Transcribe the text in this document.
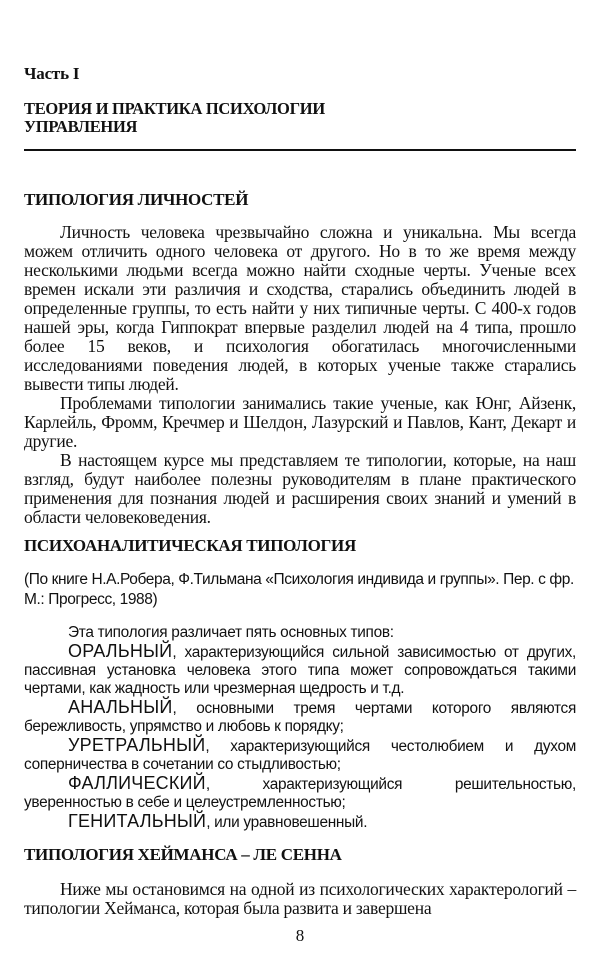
Часть I
ТЕОРИЯ И ПРАКТИКА ПСИХОЛОГИИ
УПРАВЛЕНИЯ
ТИПОЛОГИЯ ЛИЧНОСТЕЙ

Личность человека чрезвычайно сложна и уникальна. Мы всегда можем отличить одного человека от другого. Но в то же время между несколькими людьми всегда можно найти сходные черты. Ученые всех времен искали эти различия и сходства, старались объединить людей в определенные группы, то есть найти у них типичные черты. С 400-х годов нашей эры, когда Гиппократ впервые разделил людей на 4 типа, прошло более 15 веков, и психология обогатилась многочисленными исследованиями поведения людей, в которых ученые также старались вывести типы людей.

Проблемами типологии занимались такие ученые, как Юнг, Айзенк, Карлейль, Фромм, Кречмер и Шелдон, Лазурский и Павлов, Кант, Декарт и другие.

В настоящем курсе мы представляем те типологии, которые, на наш взгляд, будут наиболее полезны руководителям в плане практического применения для познания людей и расширения своих знаний и умений в области человековедения.

ПСИХОАНАЛИТИЧЕСКАЯ ТИПОЛОГИЯ
(По книге Н.А.Робера, Ф.Тильмана «Психология индивида и группы». Пер. с фр. М.: Прогресс, 1988)

Эта типология различает пять основных типов:

ОРАЛЬНЫЙ, характеризующийся сильной зависимостью от других, пассивная установка человека этого типа может сопровождаться такими чертами, как жадность или чрезмерная щедрость и т.д.

АНАЛЬНЫЙ, основными тремя чертами которого являются бережливость, упрямство и любовь к порядку;

УРЕТРАЛЬНЫЙ, характеризующийся честолюбием и духом соперничества в сочетании со стыдливостью;

ФАЛЛИЧЕСКИЙ, характеризующийся решительностью, уверенностью в себе и целеустремленностью;

ГЕНИТАЛЬНЫЙ, или уравновешенный.

ТИПОЛОГИЯ ХЕЙМАНСА – ЛЕ СЕННА

Ниже мы остановимся на одной из психологических характерологий – типологии Хейманса, которая была развита и завершена

8
